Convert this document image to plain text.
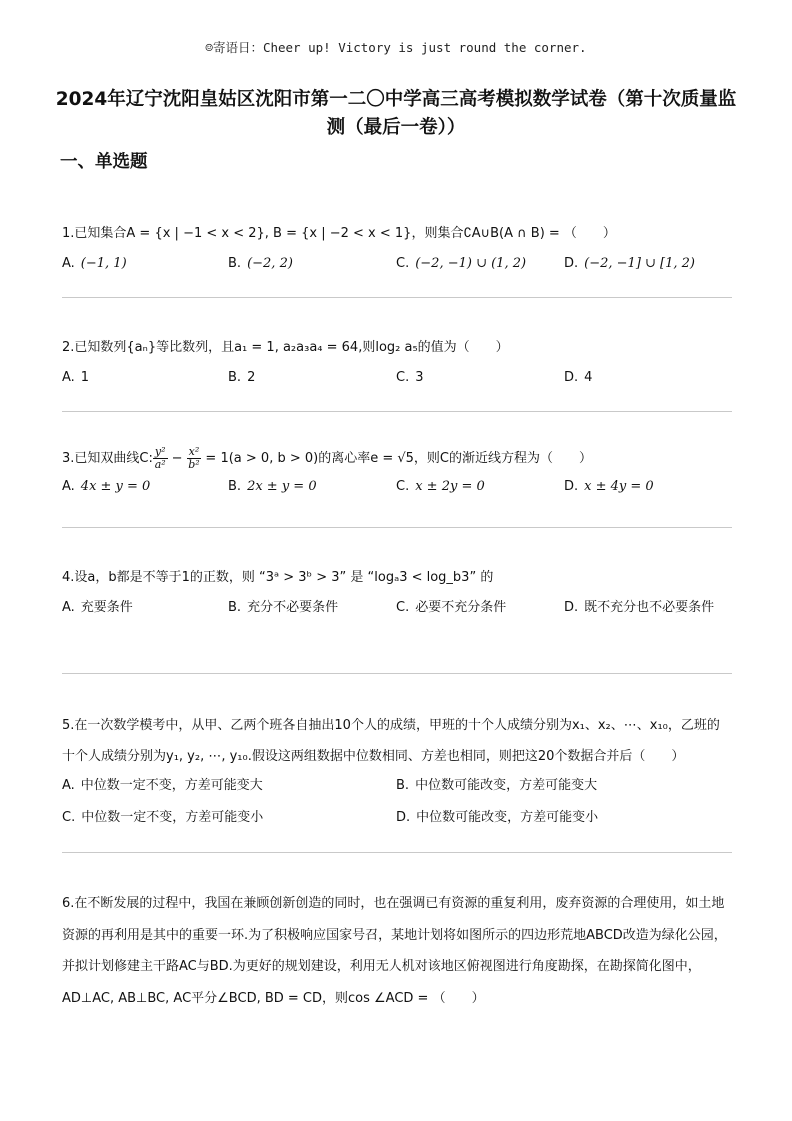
☺寄语日：Cheer up! Victory is just round the corner.
2024年辽宁沈阳皇姑区沈阳市第一二〇中学高三高考模拟数学试卷（第十次质量监测（最后一卷））
一、单选题
1.已知集合A = {x | −1 < x < 2}, B = {x | −2 < x < 1}，则集合∁A∪B(A ∩ B) = （　　）
A. (−1, 1)	B. (−2, 2)	C. (−2, −1) ∪ (1, 2)	D. (−2, −1] ∪ [1, 2)
2.已知数列{aₙ}等比数列，且a₁ = 1, a₂a₃a₄ = 64,则log₂ a₅的值为（　　）
A. 1	B. 2	C. 3	D. 4
3.已知双曲线C: $\frac{\text{y²}}{\text{a²}} - \frac{\text{x²}}{\text{b²}} = 1(a > 0$, b > 0)的离心率e = √5，则C的渐近线方程为（　　）
A. 4x ± y = 0	B. 2x ± y = 0	C. x ± 2y = 0	D. x ± 4y = 0
4.设a，b都是不等于1的正数，则 “3ᵃ > 3ᵇ > 3” 是 “logₐ3 < log_b3” 的
A. 充要条件	B. 充分不必要条件	C. 必要不充分条件	D. 既不充分也不必要条件
5.在一次数学模考中，从甲、乙两个班各自抽出10个人的成绩，甲班的十个人成绩分别为x₁、x₂、⋯、x₁₀，乙班的十个人成绩分别为y₁, y₂, ⋯, y₁₀.假设这两组数据中位数相同、方差也相同，则把这20个数据合并后（　　）
A. 中位数一定不变，方差可能变大	B. 中位数可能改变，方差可能变大
C. 中位数一定不变，方差可能变小	D. 中位数可能改变，方差可能变小
6.在不断发展的过程中，我国在兼顾创新创造的同时，也在强调已有资源的重复利用，废弃资源的合理使用，如土地资源的再利用是其中的重要一环.为了积极响应国家号召，某地计划将如图所示的四边形荒地ABCD改造为绿化公园，并拟计划修建主干路AC与BD.为更好的规划建设，利用无人机对该地区俯视图进行角度勘探，在勘探简化图中，AD⊥AC, AB⊥BC, AC平分∠BCD, BD = CD，则cos ∠ACD = （　　）
